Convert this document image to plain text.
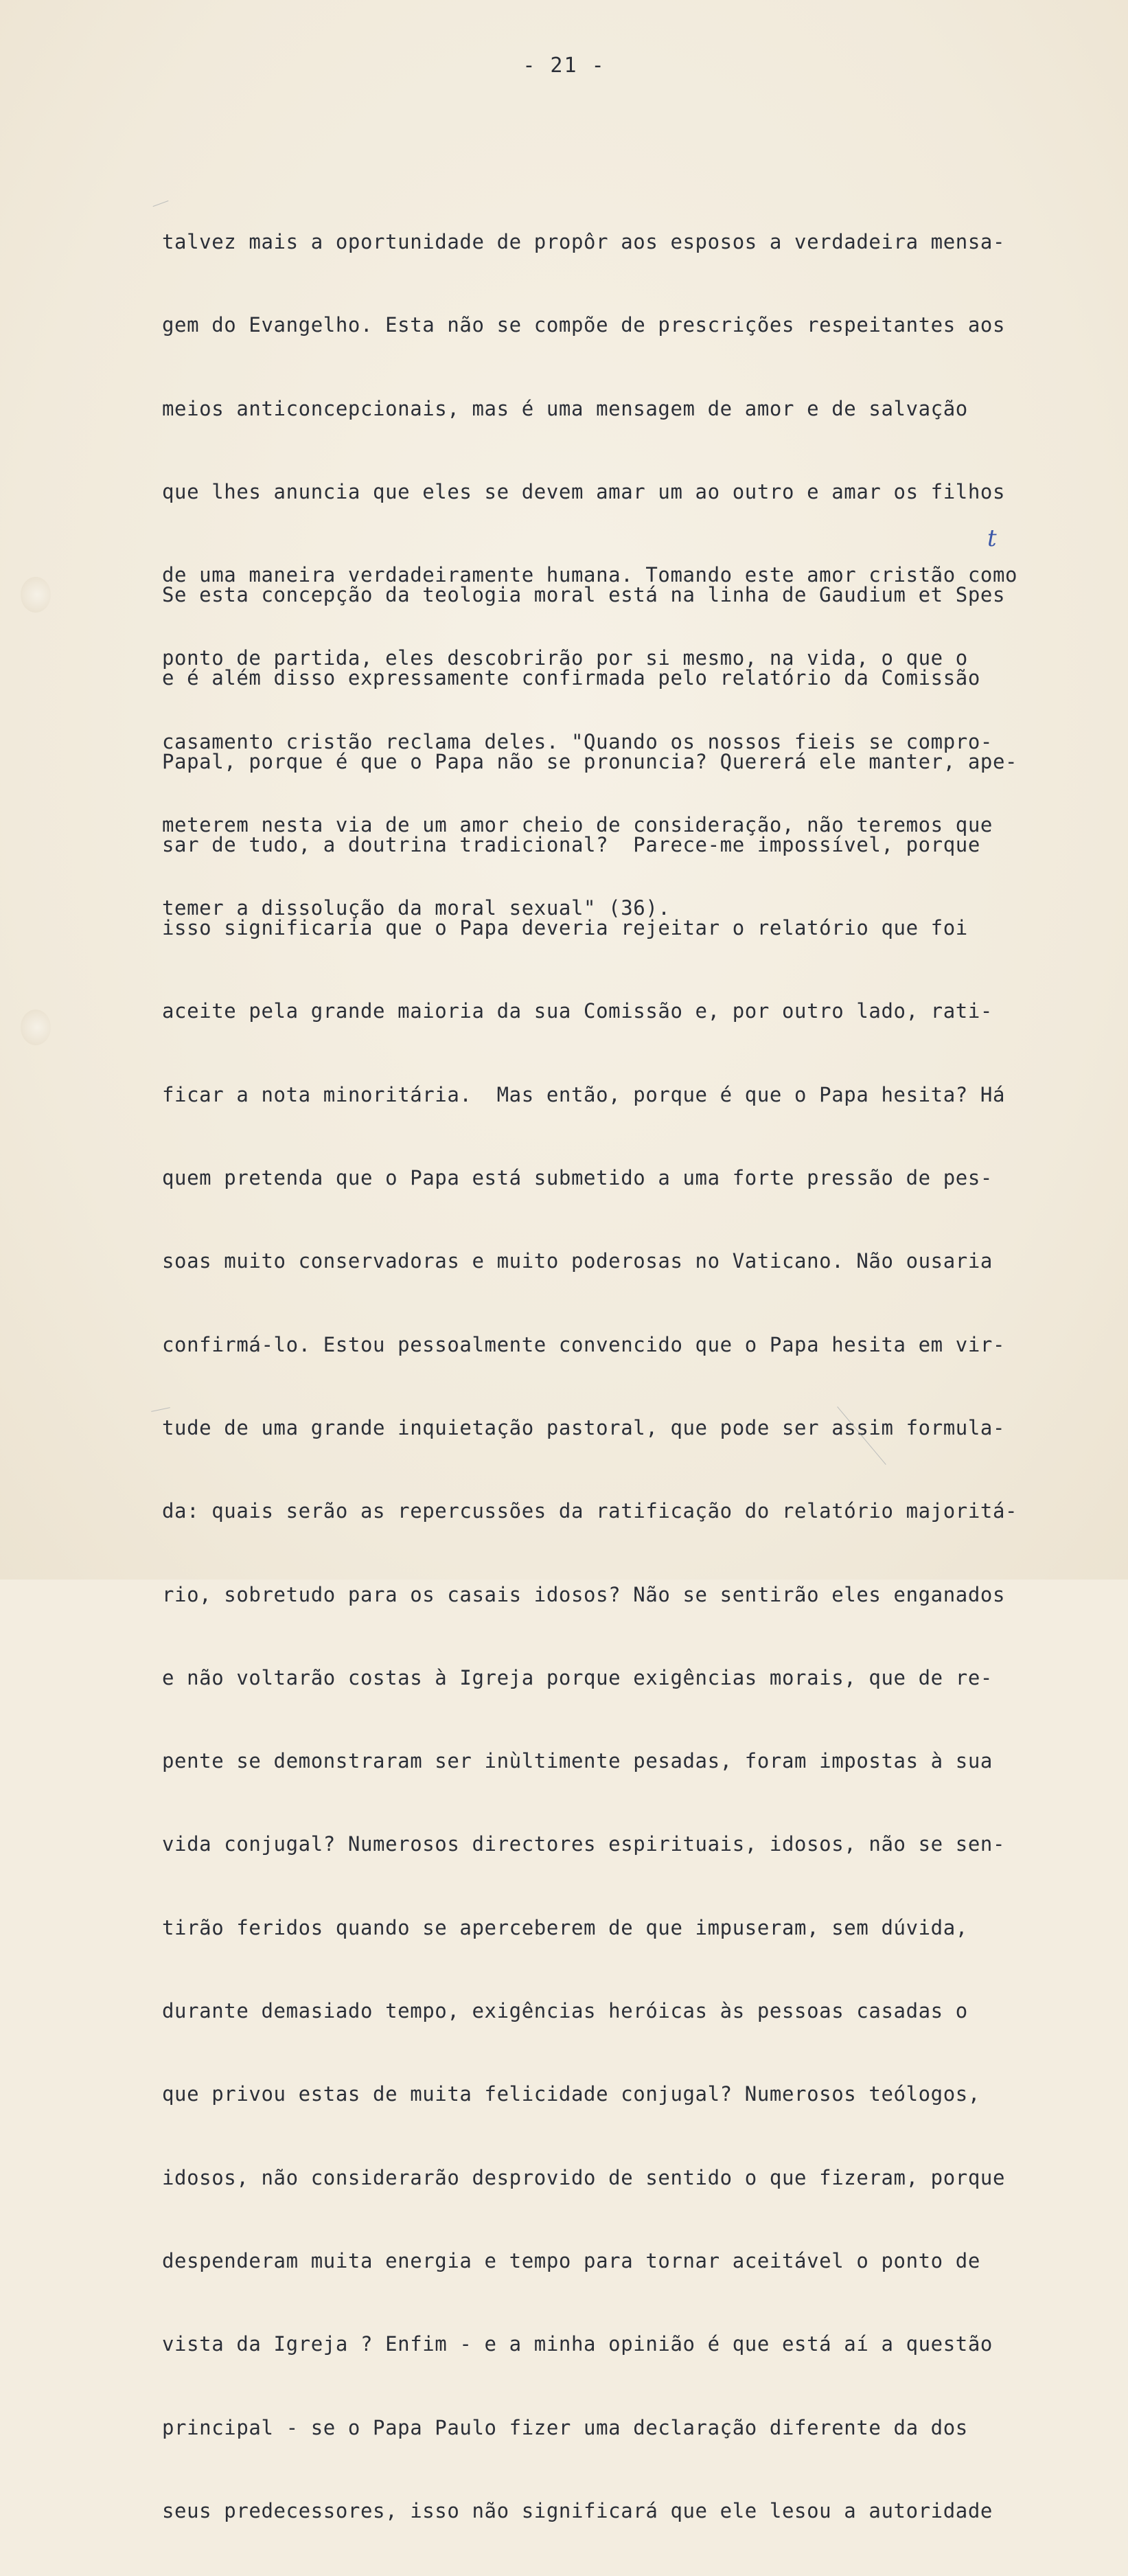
- 21 -

talvez mais a oportunidade de propôr aos esposos a verdadeira mensa-

gem do Evangelho. Esta não se compõe de prescrições respeitantes aos

meios anticoncepcionais, mas é uma mensagem de amor e de salvação

que lhes anuncia que eles se devem amar um ao outro e amar os filhos

de uma maneira verdadeiramente humana. Tomando este amor cristão como

ponto de partida, eles descobrirão por si mesmo, na vida, o que o

casamento cristão reclama deles. "Quando os nossos fieis se compro-

meterem nesta via de um amor cheio de consideração, não teremos que

temer a dissolução da moral sexual" (36).

Se esta concepção da teologia moral está na linha de Gaudium et Spes

e é além disso expressamente confirmada pelo relatório da Comissão

Papal, porque é que o Papa não se pronuncia? Quererá ele manter, ape-

sar de tudo, a doutrina tradicional?  Parece-me impossível, porque

isso significaria que o Papa deveria rejeitar o relatório que foi

aceite pela grande maioria da sua Comissão e, por outro lado, rati-

ficar a nota minoritária.  Mas então, porque é que o Papa hesita? Há

quem pretenda que o Papa está submetido a uma forte pressão de pes-

soas muito conservadoras e muito poderosas no Vaticano. Não ousaria

confirmá-lo. Estou pessoalmente convencido que o Papa hesita em vir-

tude de uma grande inquietação pastoral, que pode ser assim formula-

da: quais serão as repercussões da ratificação do relatório majoritá-

rio, sobretudo para os casais idosos? Não se sentirão eles enganados

e não voltarão costas à Igreja porque exigências morais, que de re-

pente se demonstraram ser inùltimente pesadas, foram impostas à sua

vida conjugal? Numerosos directores espirituais, idosos, não se sen-

tirão feridos quando se aperceberem de que impuseram, sem dúvida,

durante demasiado tempo, exigências heróicas às pessoas casadas o

que privou estas de muita felicidade conjugal? Numerosos teólogos,

idosos, não considerarão desprovido de sentido o que fizeram, porque

despenderam muita energia e tempo para tornar aceitável o ponto de

vista da Igreja ? Enfim - e a minha opinião é que está aí a questão

principal - se o Papa Paulo fizer uma declaração diferente da dos

seus predecessores, isso não significará que ele lesou a autoridade

t
